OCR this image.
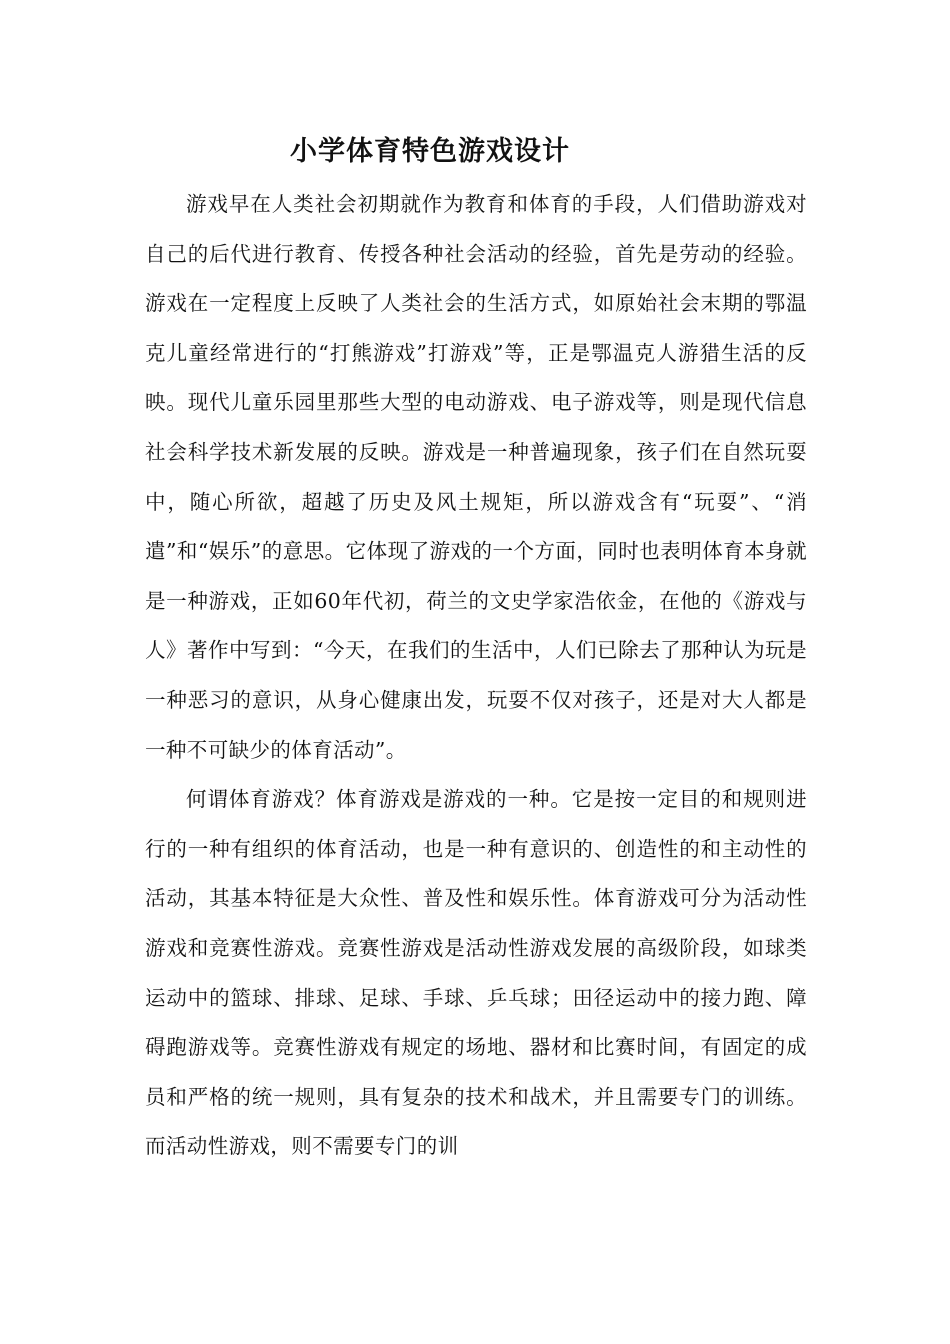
小学体育特色游戏设计

游戏早在人类社会初期就作为教育和体育的手段，人们借助游戏对自己的后代进行教育、传授各种社会活动的经验，首先是劳动的经验。游戏在一定程度上反映了人类社会的生活方式，如原始社会末期的鄂温克儿童经常进行的“打熊游戏”打游戏”等，正是鄂温克人游猎生活的反映。现代儿童乐园里那些大型的电动游戏、电子游戏等，则是现代信息社会科学技术新发展的反映。游戏是一种普遍现象，孩子们在自然玩耍中，随心所欲，超越了历史及风土规矩，所以游戏含有“玩耍”、“消遣”和“娱乐”的意思。它体现了游戏的一个方面，同时也表明体育本身就是一种游戏，正如60年代初，荷兰的文史学家浩依金，在他的《游戏与人》著作中写到：“今天，在我们的生活中，人们已除去了那种认为玩是一种恶习的意识，从身心健康出发，玩耍不仅对孩子，还是对大人都是一种不可缺少的体育活动”。

何谓体育游戏？体育游戏是游戏的一种。它是按一定目的和规则进行的一种有组织的体育活动，也是一种有意识的、创造性的和主动性的活动，其基本特征是大众性、普及性和娱乐性。体育游戏可分为活动性游戏和竞赛性游戏。竞赛性游戏是活动性游戏发展的高级阶段，如球类运动中的篮球、排球、足球、手球、乒乓球；田径运动中的接力跑、障碍跑游戏等。竞赛性游戏有规定的场地、器材和比赛时间，有固定的成员和严格的统一规则，具有复杂的技术和战术，并且需要专门的训练。而活动性游戏，则不需要专门的训
